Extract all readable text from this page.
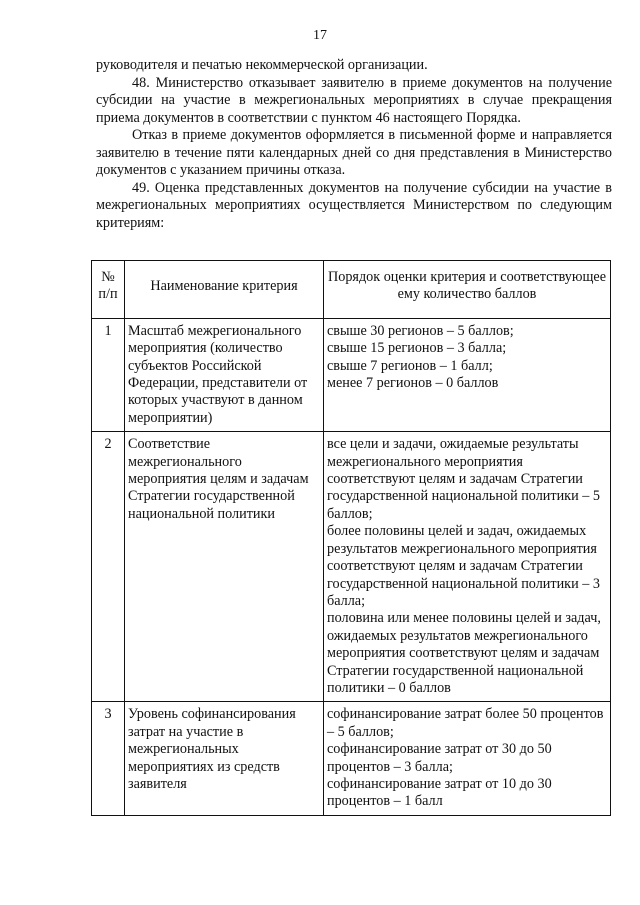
17

руководителя и печатью некоммерческой организации.

48. Министерство отказывает заявителю в приеме документов на получение субсидии на участие в межрегиональных мероприятиях в случае прекращения приема документов в соответствии с пунктом 46 настоящего Порядка.

Отказ в приеме документов оформляется в письменной форме и направляется заявителю в течение пяти календарных дней со дня представления в Министерство документов с указанием причины отказа.

49. Оценка представленных документов на получение субсидии на участие в межрегиональных мероприятиях осуществляется Министерством по следующим критериям:

№ п/п	Наименование критерия	Порядок оценки критерия и соответствующее ему количество баллов
1	Масштаб межрегионального мероприятия (количество субъектов Российской Федерации, представители от которых участвуют в данном мероприятии)	свыше 30 регионов – 5 баллов;
свыше 15 регионов – 3 балла;
свыше 7 регионов – 1 балл;
менее 7 регионов – 0 баллов

2	Соответствие межрегионального мероприятия целям и задачам Стратегии государственной национальной политики	все цели и задачи, ожидаемые результаты межрегионального мероприятия соответствуют целям и задачам Стратегии государственной национальной политики – 5 баллов;
более половины целей и задач, ожидаемых результатов межрегионального мероприятия соответствуют целям и задачам Стратегии государственной национальной политики – 3 балла;
половина или менее половины целей и задач, ожидаемых результатов межрегионального мероприятия соответствуют целям и задачам Стратегии государственной национальной политики – 0 баллов

3	Уровень софинансирования затрат на участие в межрегиональных мероприятиях из средств заявителя	софинансирование затрат более 50 процентов – 5 баллов;
софинансирование затрат от 30 до 50 процентов – 3 балла;
софинансирование затрат от 10 до 30 процентов – 1 балл
